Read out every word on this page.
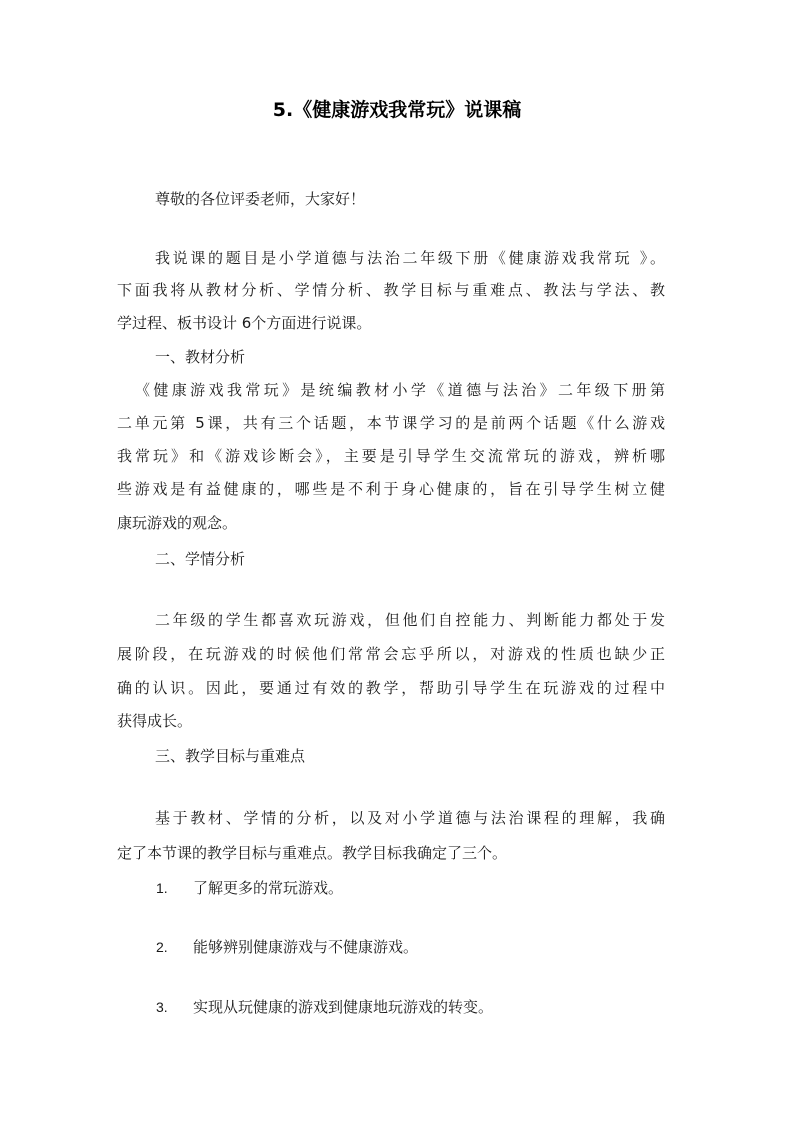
5.《健康游戏我常玩》说课稿
尊敬的各位评委老师，大家好！
我说课的题目是小学道德与法治二年级下册《健康游戏我常玩 》。
下面我将从教材分析、学情分析、教学目标与重难点、教法与学法、教
学过程、板书设计 6个方面进行说课。
一、教材分析
《健康游戏我常玩》是统编教材小学《道德与法治》二年级下册第
二单元第 5课，共有三个话题，本节课学习的是前两个话题《什么游戏
我常玩》和《游戏诊断会》，主要是引导学生交流常玩的游戏，辨析哪
些游戏是有益健康的，哪些是不利于身心健康的，旨在引导学生树立健
康玩游戏的观念。
二、学情分析
二年级的学生都喜欢玩游戏，但他们自控能力、判断能力都处于发
展阶段，在玩游戏的时候他们常常会忘乎所以，对游戏的性质也缺少正
确的认识。因此，要通过有效的教学，帮助引导学生在玩游戏的过程中
获得成长。
三、教学目标与重难点
基于教材、学情的分析，以及对小学道德与法治课程的理解，我确
定了本节课的教学目标与重难点。教学目标我确定了三个。
1. 了解更多的常玩游戏。
2. 能够辨别健康游戏与不健康游戏。
3. 实现从玩健康的游戏到健康地玩游戏的转变。
